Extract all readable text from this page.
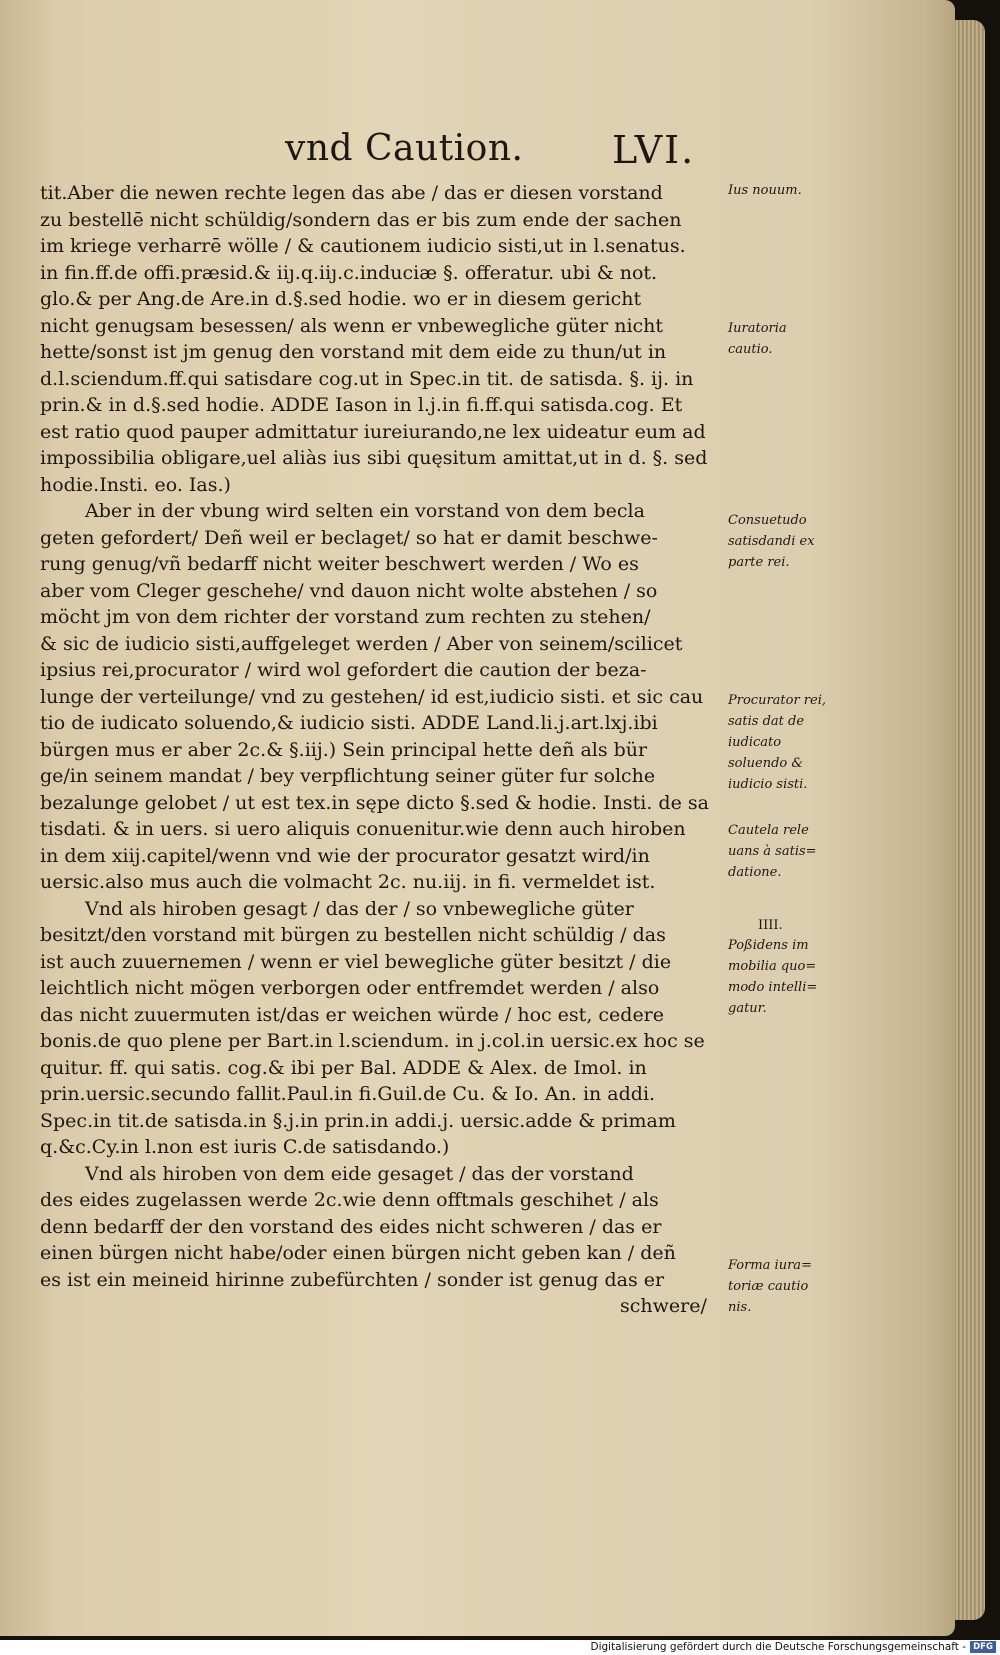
vnd Caution. LVI.
tit.Aber die newen rechte legen das abe / das er diesen vorstand
zu bestellē nicht schüldig/sondern das er bis zum ende der sachen
im kriege verharrē wölle / & cautionem iudicio sisti,ut in l.senatus.
in fin.ff.de offi.præsid.& iiȷ.q.iiȷ.c.induciæ §. offeratur. ubi & not.
glo.& per Ang.de Are.in d.§.sed hodie. wo er in diesem gericht
nicht genugsam besessen/ als wenn er vnbewegliche güter nicht
hette/sonst ist jm genug den vorstand mit dem eide zu thun/ut in
d.l.sciendum.ff.qui satisdare cog.ut in Spec.in tit. de satisda. §. ij. in
prin.& in d.§.sed hodie. ADDE Iason in l.j.in fi.ff.qui satisda.cog. Et
est ratio quod pauper admittatur iureiurando,ne lex uideatur eum ad
impossibilia obligare,uel aliàs ius sibi quęsitum amittat,ut in d. §. sed
hodie.Insti. eo. Ias.)
Aber in der vbung wird selten ein vorstand von dem becla
geten gefordert/ Deñ weil er beclaget/ so hat er damit beschwe-
rung genug/vñ bedarff nicht weiter beschwert werden / Wo es
aber vom Cleger geschehe/ vnd dauon nicht wolte abstehen / so
möcht jm von dem richter der vorstand zum rechten zu stehen/
& sic de iudicio sisti,auffgeleget werden / Aber von seinem/scilicet
ipsius rei,procurator / wird wol gefordert die caution der beza-
lunge der verteilunge/ vnd zu gestehen/ id est,iudicio sisti. et sic cau
tio de iudicato soluendo,& iudicio sisti. ADDE Land.li.j.art.lxj.ibi
bürgen mus er aber 2c.& §.iij.) Sein principal hette deñ als bür
ge/in seinem mandat / bey verpflichtung seiner güter fur solche
bezalunge gelobet / ut est tex.in sępe dicto §.sed & hodie. Insti. de sa
tisdati. & in uers. si uero aliquis conuenitur.wie denn auch hiroben
in dem xiij.capitel/wenn vnd wie der procurator gesatzt wird/in
uersic.also mus auch die volmacht 2c. nu.iij. in fi. vermeldet ist.
Vnd als hiroben gesagt / das der / so vnbewegliche güter
besitzt/den vorstand mit bürgen zu bestellen nicht schüldig / das
ist auch zuuernemen / wenn er viel bewegliche güter besitzt / die
leichtlich nicht mögen verborgen oder entfremdet werden / also
das nicht zuuermuten ist/das er weichen würde / hoc est, cedere
bonis.de quo plene per Bart.in l.sciendum. in j.col.in uersic.ex hoc se
quitur. ff. qui satis. cog.& ibi per Bal. ADDE & Alex. de Imol. in
prin.uersic.secundo fallit.Paul.in fi.Guil.de Cu. & Io. An. in addi.
Spec.in tit.de satisda.in §.j.in prin.in addi.j. uersic.adde & primam
q.&c.Cy.in l.non est iuris C.de satisdando.)
Vnd als hiroben von dem eide gesaget / das der vorstand
des eides zugelassen werde 2c.wie denn offtmals geschihet / als
denn bedarff der den vorstand des eides nicht schweren / das er
einen bürgen nicht habe/oder einen bürgen nicht geben kan / deñ
es ist ein meineid hirinne zubefürchten / sonder ist genug das er
schwere/
Ius nouum.
Iuratoria cautio.
Consuetudo satisdandi ex parte rei.
Procurator rei, satis dat de iudicato soluendo & iudicio sisti.
Cautela rele uans à satis= datione.
IIII.
Poßidens im mobilia quo= modo intelli= gatur.
Forma iura= toriæ cautio nis.
Digitalisierung gefördert durch die Deutsche Forschungsgemeinschaft - DFG
